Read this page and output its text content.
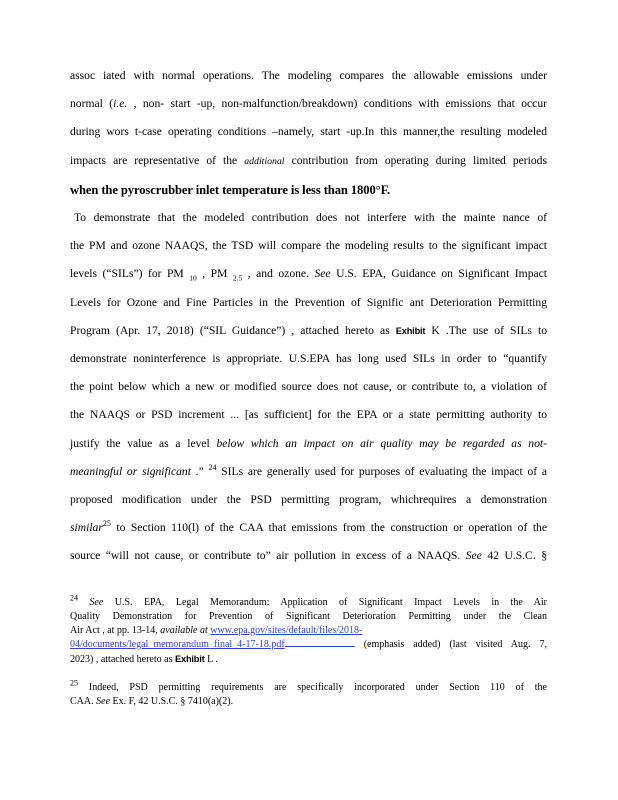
assoc iated with normal operations. The modeling compares the allowable emissions under
normal (i.e. , non- start -up, non-malfunction/breakdown) conditions with emissions that occur
during wors t-case operating conditions –namely, start -up.In this manner,the resulting modeled
impacts are representative of the additional contribution from operating during limited periods
when the pyroscrubber inlet temperature is less than 1800°F.
To demonstrate that the modeled contribution does not interfere with the mainte nance of
the PM and ozone NAAQS, the TSD will compare the modeling results to the significant impact
levels (“SILs”) for PM $_{10}$ , PM $_{2.5}$ , and ozone. See U.S. EPA, Guidance on Significant Impact
Levels for Ozone and Fine Particles in the Prevention of Signific ant Deterioration Permitting
Program (Apr. 17, 2018) (“SIL Guidance”) , attached hereto as Exhibit K .The use of SILs to
demonstrate noninterference is appropriate. U.S.EPA has long used SILs in order to “quantify
the point below which a new or modified source does not cause, or contribute to, a violation of
the NAAQS or PSD increment ... [as sufficient] for the EPA or a state permitting authority to
justify the value as a level below which an impact on air quality may be regarded as not-
meaningful or significant .” $^{24}$ SILs are generally used for purposes of evaluating the impact of a
proposed modification under the PSD permitting program, whichrequires a demonstration
similar$^{25}$ to Section 110(l) of the CAA that emissions from the construction or operation of the
source “will not cause, or contribute to” air pollution in excess of a NAAQS. See 42 U.S.C. §
$^{24}$ See U.S. EPA, Legal Memorandum: Application of Significant Impact Levels in the Air
Quality Demonstration for Prevention of Significant Deterioration Permitting under the Clean
Air Act , at pp. 13-14, available at www.epa.gov/sites/default/files/2018-
04/documents/legal_memorandum_final_4-17-18.pdf	(emphasis added) (last visited Aug. 7,
2023) , attached hereto as Exhibit L .
$^{25}$ Indeed, PSD permitting requirements are specifically incorporated under Section 110 of the
CAA. See Ex. F, 42 U.S.C. § 7410(a)(2).
